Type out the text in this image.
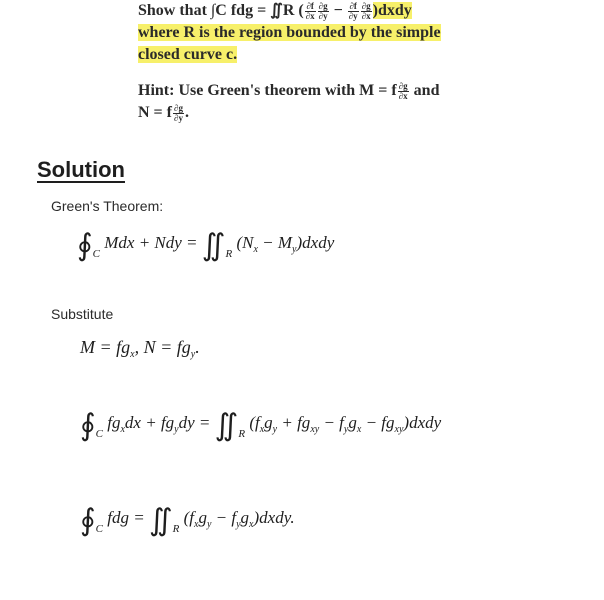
Show that ∫C fdg = ∬R ( $\frac{\partial f}{\partial x} \frac{\partial g}{\partial y} - \frac{\partial f}{\partial y} \frac{\partial g}{\partial x}$ )dxdy
where R is the region bounded by the simple
closed curve c.
Hint: Use Green's theorem with M = f $\frac{\partial g}{\partial x}$ and
N = f $\frac{\partial g}{\partial y}$ .
Solution
Green's Theorem:
$∮_C$ Mdx + Ndy = $∬_R$ ($N_x$ − $M_y)dxdy$
Substitute
$M = fg_x$, $N = fg_y$.
$∮_C$ $fg_xdx + fg_ydy$ = $∬_R$ ($f_xg_y + fg_{xy} - f_yg_x$ − $fg_{xy})dxdy$
$∮_C$ fdg = $∬_R$ ($f_xg_y$ − $f_yg_x)dxdy$.
